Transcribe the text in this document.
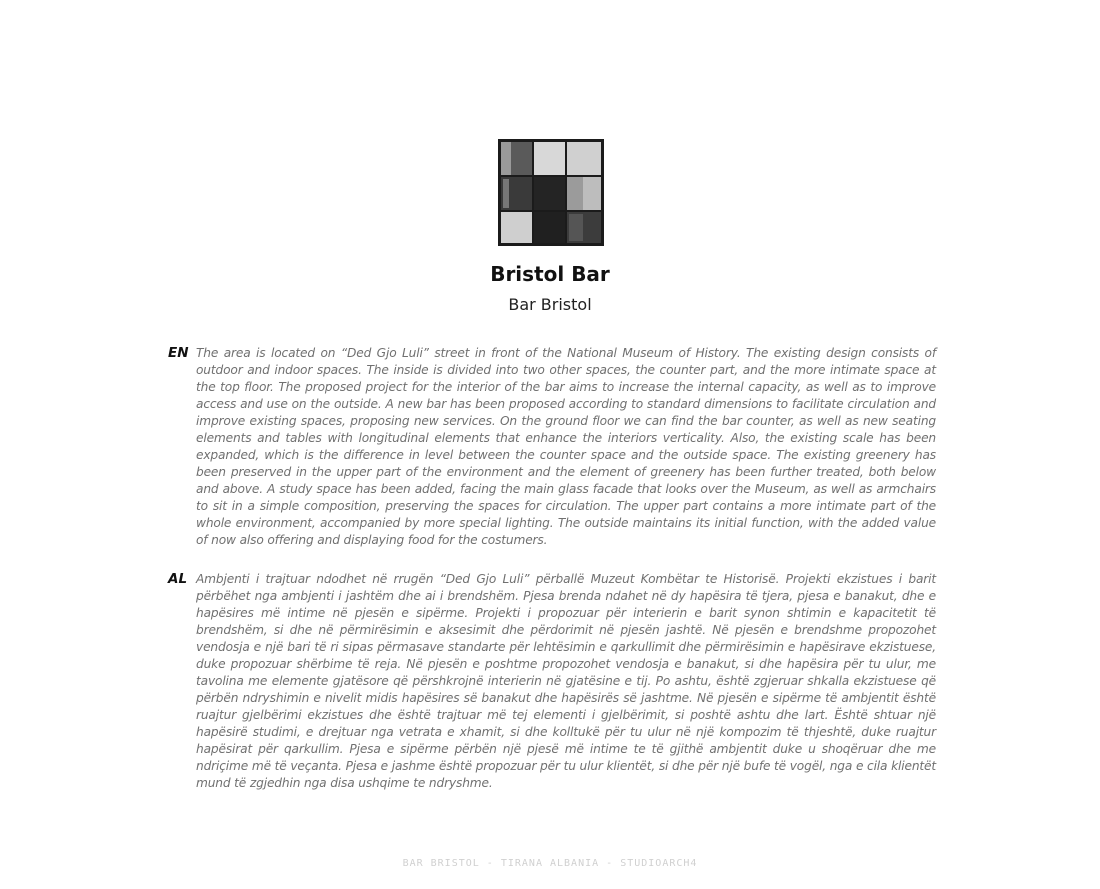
Bristol Bar
Bar Bristol
EN The area is located on “Ded Gjo Luli” street in front of the National Museum of History. The existing design consists of outdoor and indoor spaces. The inside is divided into two other spaces, the counter part, and the more intimate space at the top floor. The proposed project for the interior of the bar aims to increase the internal capacity, as well as to improve access and use on the outside. A new bar has been proposed according to standard dimensions to facilitate circulation and improve existing spaces, proposing new services. On the ground floor we can find the bar counter, as well as new seating elements and tables with longitudinal elements that enhance the interiors verticality. Also, the existing scale has been expanded, which is the difference in level between the counter space and the outside space. The existing greenery has been preserved in the upper part of the environment and the element of greenery has been further treated, both below and above. A study space has been added, facing the main glass facade that looks over the Museum, as well as armchairs to sit in a simple composition, preserving the spaces for circulation. The upper part contains a more intimate part of the whole environment, accompanied by more special lighting. The outside maintains its initial function, with the added value of now also offering and displaying food for the costumers.
AL Ambjenti i trajtuar ndodhet në rrugën “Ded Gjo Luli” përballë Muzeut Kombëtar te Historisë. Projekti ekzistues i barit përbëhet nga ambjenti i jashtëm dhe ai i brendshëm. Pjesa brenda ndahet në dy hapësira të tjera, pjesa e banakut, dhe e hapësires më intime në pjesën e sipërme. Projekti i propozuar për interierin e barit synon shtimin e kapacitetit të brendshëm, si dhe në përmirësimin e aksesimit dhe përdorimit në pjesën jashtë. Në pjesën e brendshme propozohet vendosja e një bari të ri sipas përmasave standarte për lehtësimin e qarkullimit dhe përmirësimin e hapësirave ekzistuese, duke propozuar shërbime të reja. Në pjesën e poshtme propozohet vendosja e banakut, si dhe hapësira për tu ulur, me tavolina me elemente gjatësore që përshkrojnë interierin në gjatësine e tij. Po ashtu, është zgjeruar shkalla ekzistuese që përbën ndryshimin e nivelit midis hapësires së banakut dhe hapësirës së jashtme. Në pjesën e sipërme të ambjentit është ruajtur gjelbërimi ekzistues dhe është trajtuar më tej elementi i gjelbërimit, si poshtë ashtu dhe lart. Është shtuar një hapësirë studimi, e drejtuar nga vetrata e xhamit, si dhe kolltukë për tu ulur në një kompozim të thjeshtë, duke ruajtur hapësirat për qarkullim. Pjesa e sipërme përbën një pjesë më intime te të gjithë ambjentit duke u shoqëruar dhe me ndriçime më të veçanta. Pjesa e jashme është propozuar për tu ulur klientët, si dhe për një bufe të vogël, nga e cila klientët mund të zgjedhin nga disa ushqime te ndryshme.
BAR BRISTOL - TIRANA ALBANIA - STUDIOARCH4
